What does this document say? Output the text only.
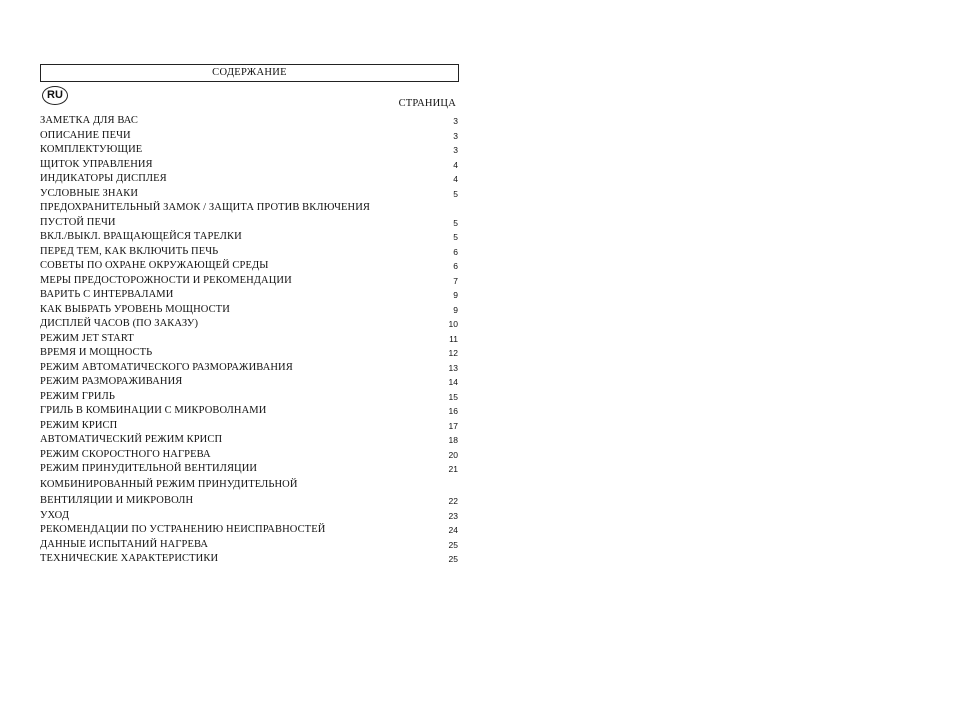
СОДЕРЖАНИЕ
RU
СТРАНИЦА
ЗАМЕТКА ДЛЯ ВАС	3
ОПИСАНИЕ ПЕЧИ	3
КОМПЛЕКТУЮЩИЕ	3
ЩИТОК УПРАВЛЕНИЯ	4
ИНДИКАТОРЫ ДИСПЛЕЯ	4
УСЛОВНЫЕ ЗНАКИ	5
ПРЕДОХРАНИТЕЛЬНЫЙ ЗАМОК / ЗАЩИТА ПРОТИВ ВКЛЮЧЕНИЯ
ПУСТОЙ ПЕЧИ	5
ВКЛ./ВЫКЛ. ВРАЩАЮЩЕЙСЯ ТАРЕЛКИ	5
ПЕРЕД ТЕМ, КАК ВКЛЮЧИТЬ ПЕЧЬ	6
СОВЕТЫ ПО ОХРАНЕ ОКРУЖАЮЩЕЙ СРЕДЫ	6
МЕРЫ ПРЕДОСТОРОЖНОСТИ И РЕКОМЕНДАЦИИ	7
ВАРИТЬ С ИНТЕРВАЛАМИ	9
КАК ВЫБРАТЬ УРОВЕНЬ МОЩНОСТИ	9
ДИСПЛЕЙ ЧАСОВ (ПО ЗАКАЗУ)	10
РЕЖИМ JET START	11
ВРЕМЯ И МОЩНОСТЬ	12
РЕЖИМ АВТОМАТИЧЕСКОГО РАЗМОРАЖИВАНИЯ	13
РЕЖИМ РАЗМОРАЖИВАНИЯ	14
РЕЖИМ ГРИЛЬ	15
ГРИЛЬ В КОМБИНАЦИИ С МИКРОВОЛНАМИ	16
РЕЖИМ КРИСП	17
АВТОМАТИЧЕСКИЙ РЕЖИМ КРИСП	18
РЕЖИМ СКОРОСТНОГО НАГРЕВА	20
РЕЖИМ ПРИНУДИТЕЛЬНОЙ ВЕНТИЛЯЦИИ	21
КОМБИНИРОВАННЫЙ РЕЖИМ ПРИНУДИТЕЛЬНОЙ
ВЕНТИЛЯЦИИ И МИКРОВОЛН	22
УХОД	23
РЕКОМЕНДАЦИИ ПО УСТРАНЕНИЮ НЕИСПРАВНОСТЕЙ	24
ДАННЫЕ ИСПЫТАНИЙ НАГРЕВА	25
ТЕХНИЧЕСКИЕ ХАРАКТЕРИСТИКИ	25
